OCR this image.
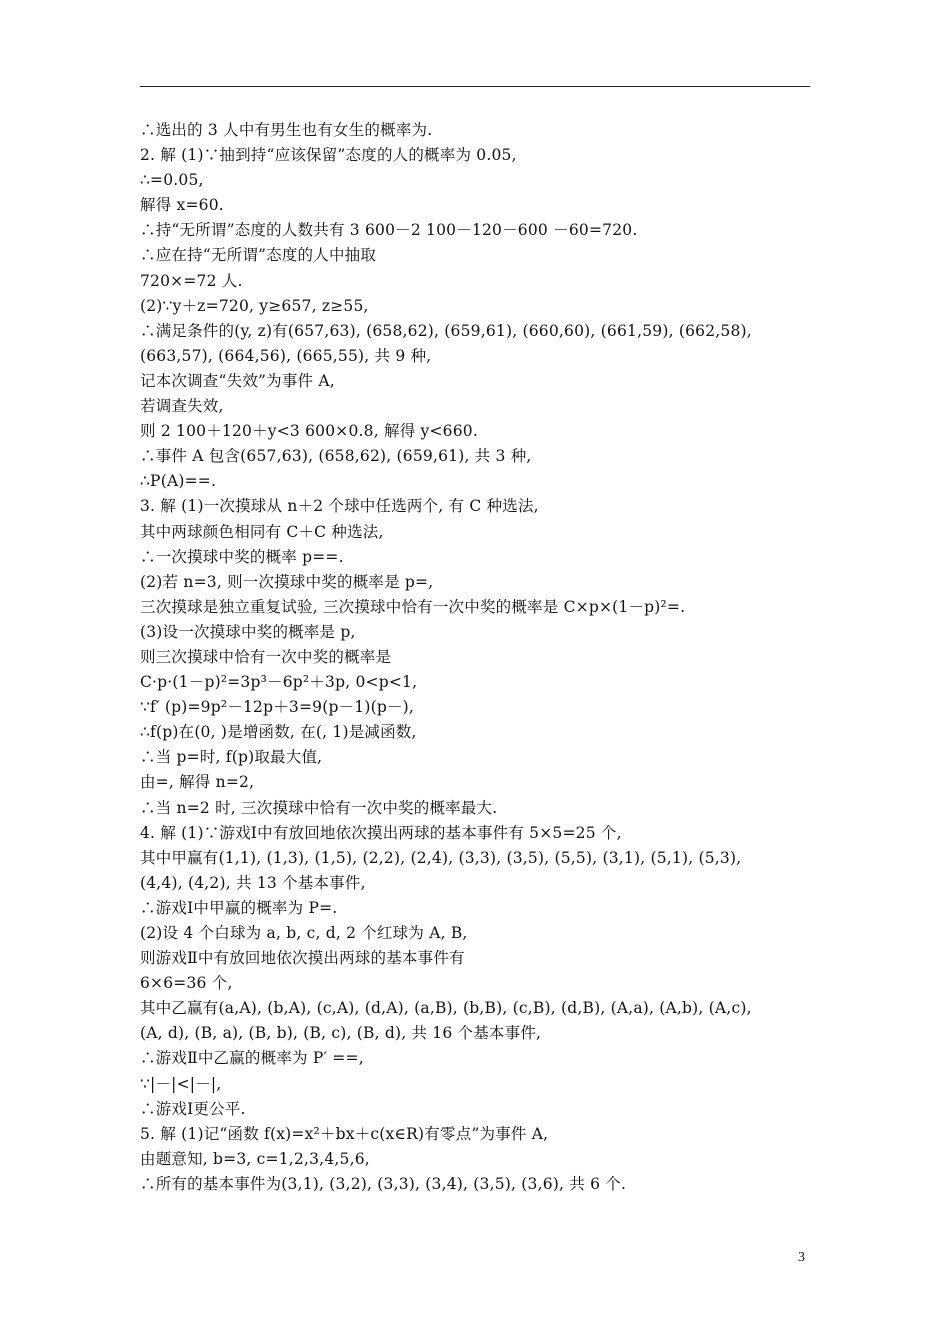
∴选出的 3 人中有男生也有女生的概率为.
2. 解 (1)∵抽到持“应该保留”态度的人的概率为 0.05,
∴=0.05,
解得 x=60.
∴持“无所谓”态度的人数共有 3 600－2 100－120－600 －60=720.
∴应在持“无所谓”态度的人中抽取
720×=72 人.
(2)∵y＋z=720, y≥657, z≥55,
∴满足条件的(y, z)有(657,63), (658,62), (659,61), (660,60), (661,59), (662,58),
(663,57), (664,56), (665,55), 共 9 种,
记本次调查“失效”为事件 A,
若调查失效,
则 2 100＋120＋y<3 600×0.8, 解得 y<660.
∴事件 A 包含(657,63), (658,62), (659,61), 共 3 种,
∴P(A)==.
3. 解 (1)一次摸球从 n＋2 个球中任选两个, 有 C 种选法,
其中两球颜色相同有 C＋C 种选法,
∴一次摸球中奖的概率 p==.
(2)若 n=3, 则一次摸球中奖的概率是 p=,
三次摸球是独立重复试验, 三次摸球中恰有一次中奖的概率是 C×p×(1－p)²=.
(3)设一次摸球中奖的概率是 p,
则三次摸球中恰有一次中奖的概率是
C·p·(1－p)²=3p³－6p²＋3p, 0<p<1,
∵f′ (p)=9p²－12p＋3=9(p－1)(p－),
∴f(p)在(0, )是增函数, 在(, 1)是减函数,
∴当 p=时, f(p)取最大值,
由=, 解得 n=2,
∴当 n=2 时, 三次摸球中恰有一次中奖的概率最大.
4. 解 (1)∵游戏Ⅰ中有放回地依次摸出两球的基本事件有 5×5=25 个,
其中甲赢有(1,1), (1,3), (1,5), (2,2), (2,4), (3,3), (3,5), (5,5), (3,1), (5,1), (5,3),
(4,4), (4,2), 共 13 个基本事件,
∴游戏Ⅰ中甲赢的概率为 P=.
(2)设 4 个白球为 a, b, c, d, 2 个红球为 A, B,
则游戏Ⅱ中有放回地依次摸出两球的基本事件有
6×6=36 个,
其中乙赢有(a,A), (b,A), (c,A), (d,A), (a,B), (b,B), (c,B), (d,B), (A,a), (A,b), (A,c),
(A, d), (B, a), (B, b), (B, c), (B, d), 共 16 个基本事件,
∴游戏Ⅱ中乙赢的概率为 P′ ==,
∵|－|<|－|,
∴游戏Ⅰ更公平.
5. 解 (1)记“函数 f(x)=x²＋bx＋c(x∈R)有零点”为事件 A,
由题意知, b=3, c=1,2,3,4,5,6,
∴所有的基本事件为(3,1), (3,2), (3,3), (3,4), (3,5), (3,6), 共 6 个.
3
